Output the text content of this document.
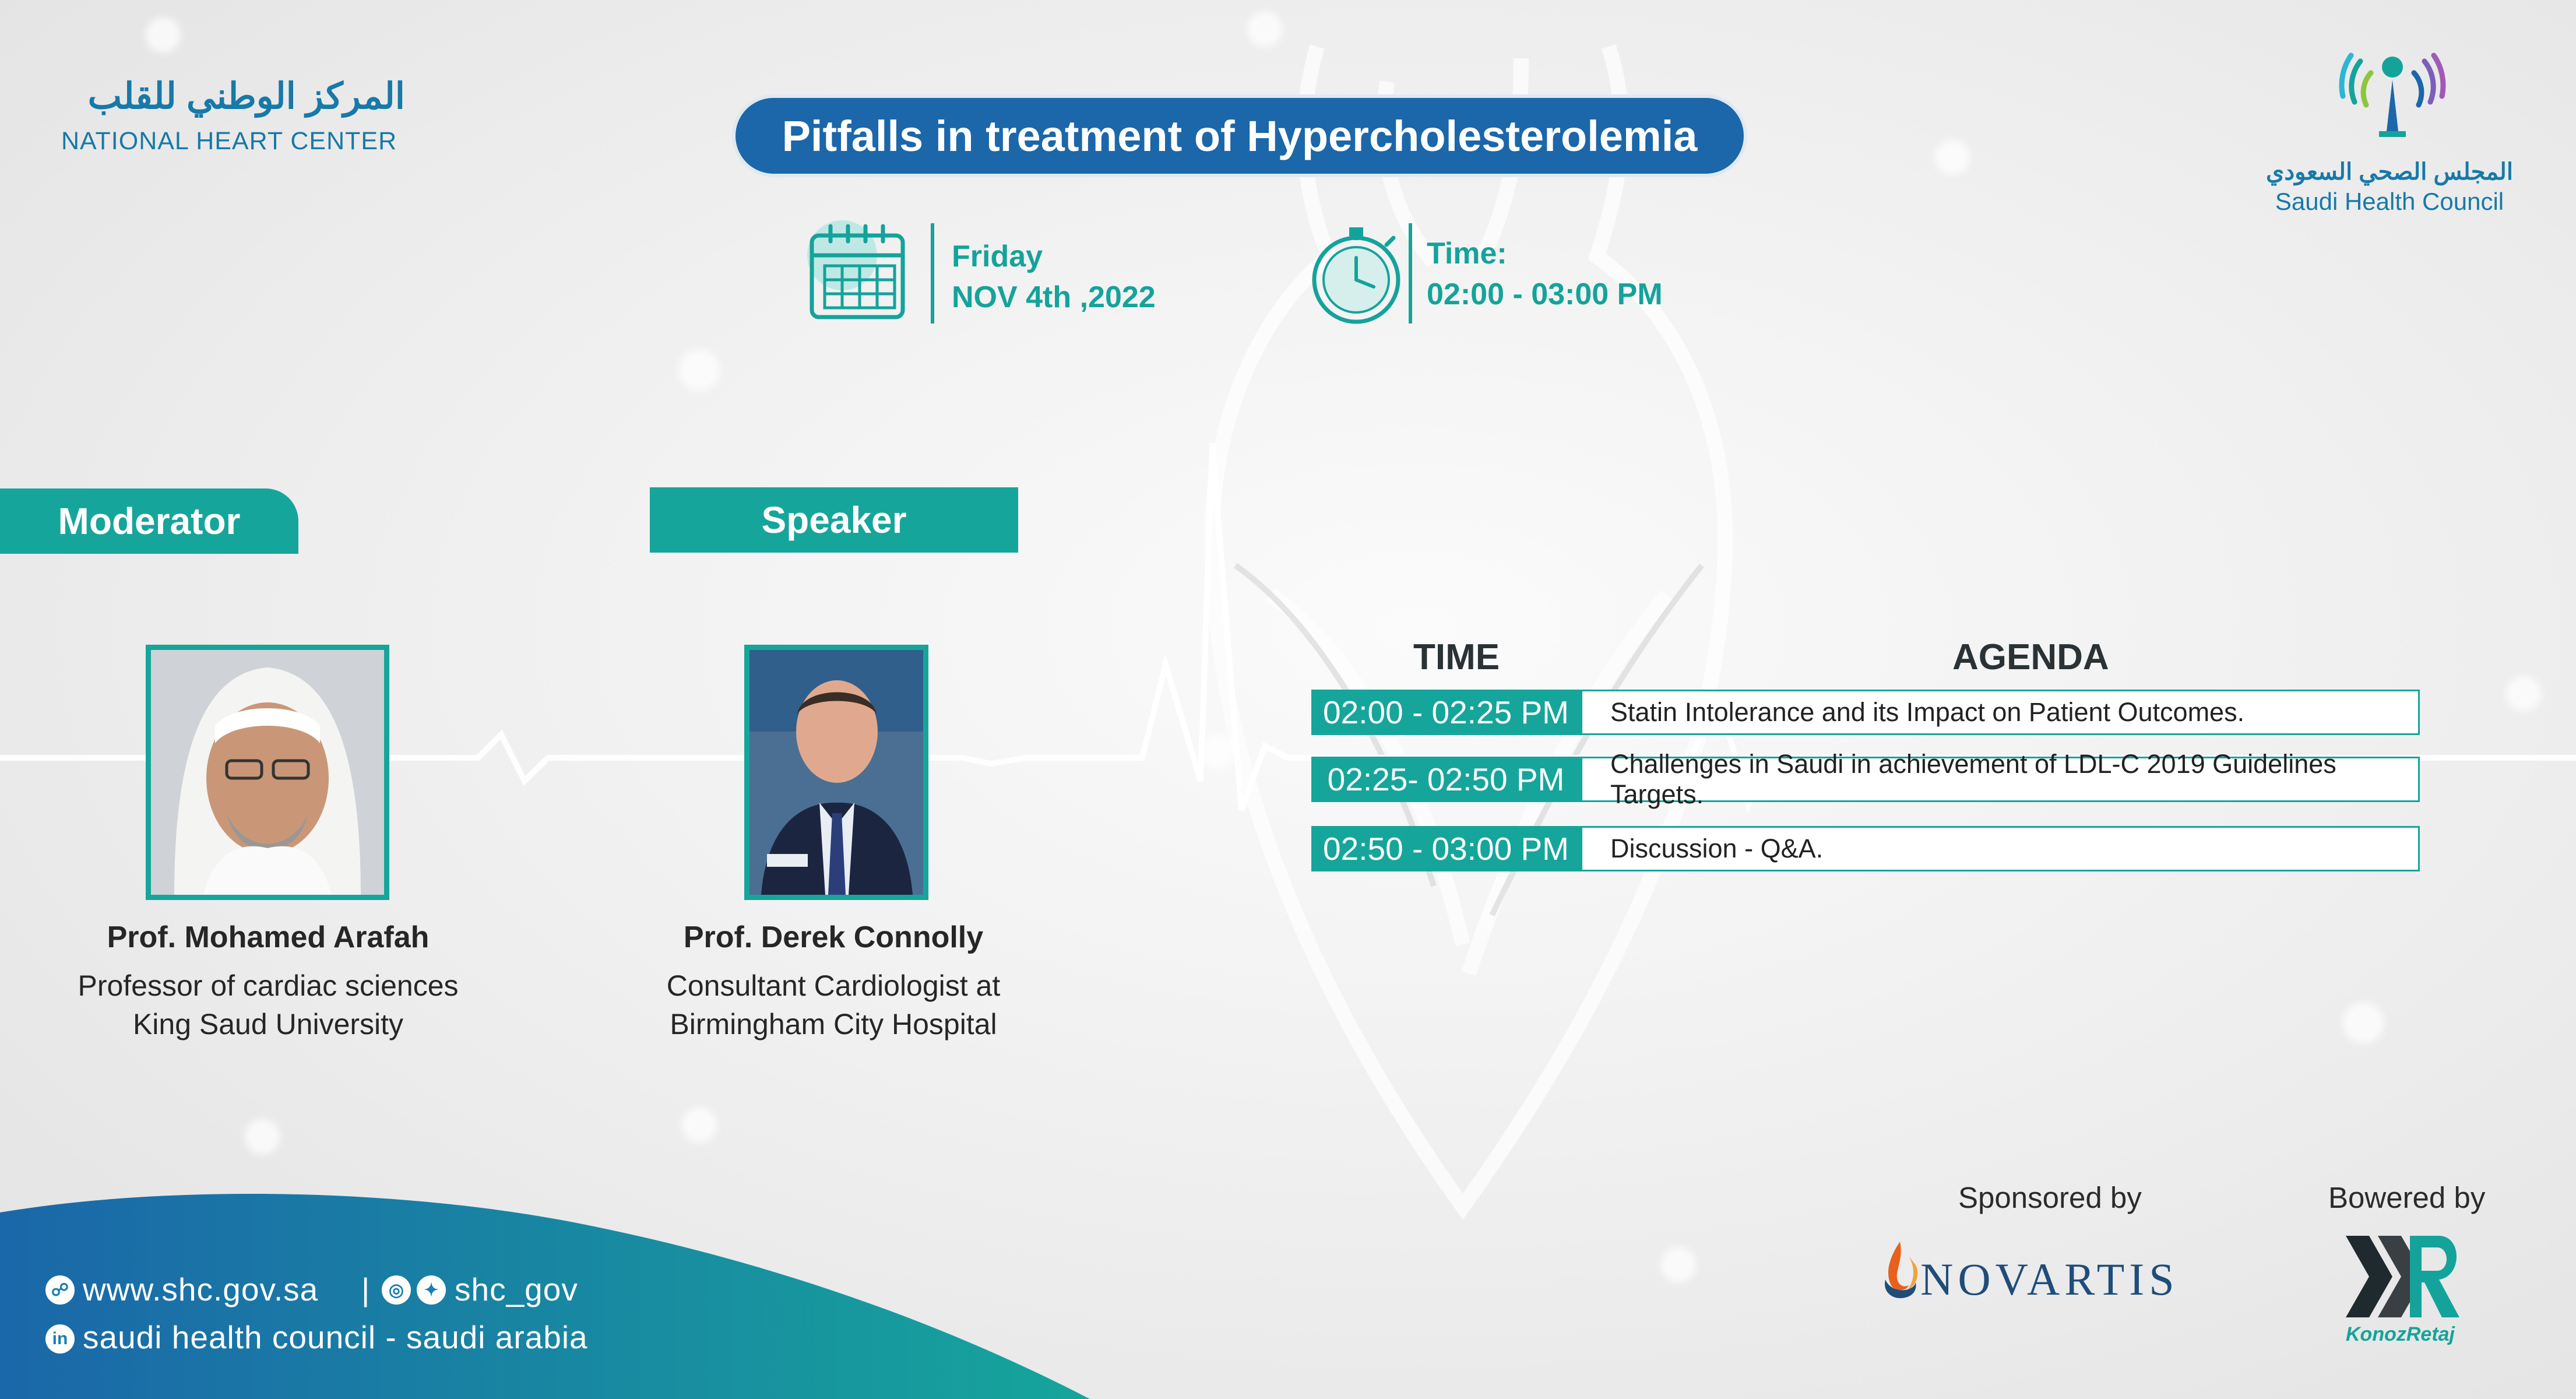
المركز الوطني للقلب
NATIONAL HEART CENTER	Pitfalls in treatment of Hypercholesterolemia
Friday
NOV 4th ,2022
Time:
02:00 - 03:00 PM
المجلس الصحي السعودي
Saudi Health Council
Moderator
Prof. Mohamed Arafah
Professor of cardiac sciences
King Saud University
Speaker
Prof. Derek Connolly
Consultant Cardiologist at
Birmingham City Hospital
TIME	AGENDA
02:00 - 02:25 PM	Statin Intolerance and its Impact on Patient Outcomes.
02:25- 02:50 PM	Challenges in Saudi in achievement of LDL-C 2019 Guidelines Targets.
02:50 - 03:00 PM	Discussion - Q&A.
Sponsored by
NOVARTIS
Bowered by
KonozRetaj
☍ www.shc.gov.sa |	◎	✦ shc_gov
in saudi health council - saudi arabia
